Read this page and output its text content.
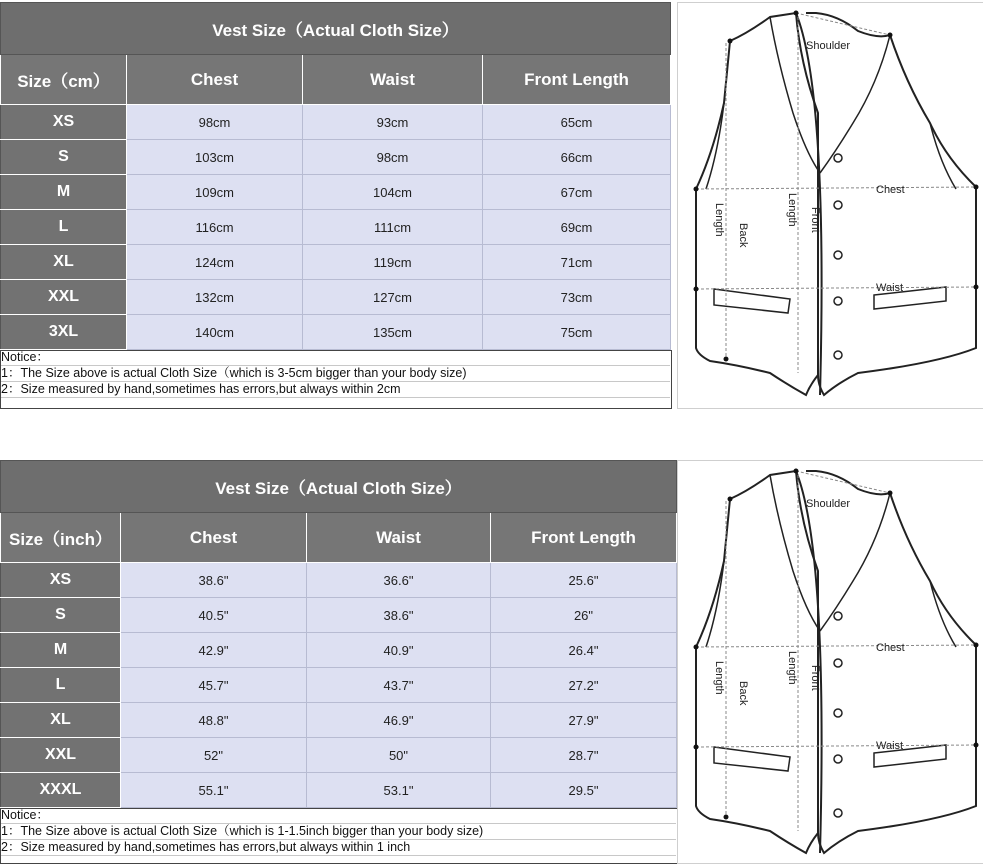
Vest Size（Actual Cloth Size）			
Size（cm）	Chest	Waist	Front Length
XS	98cm	93cm	65cm
S	103cm	98cm	66cm
M	109cm	104cm	67cm
L	116cm	111cm	69cm
XL	124cm	119cm	71cm
XXL	132cm	127cm	73cm
3XL	140cm	135cm	75cm
Notice：
1：The Size above is actual Cloth Size（which is 3-5cm bigger than your body size)
2：Size measured by hand,sometimes has errors,but always within 2cm
Shoulder
Chest
Waist
Back
Length	Front
Length
Vest Size（Actual Cloth Size）			
Size（inch）	Chest	Waist	Front Length
XS	38.6"	36.6"	25.6"
S	40.5"	38.6"	26"
M	42.9"	40.9"	26.4"
L	45.7"	43.7"	27.2"
XL	48.8"	46.9"	27.9"
XXL	52"	50"	28.7"
XXXL	55.1"	53.1"	29.5"
Notice：
1：The Size above is actual Cloth Size（which is 1-1.5inch bigger than your body size)
2：Size measured by hand,sometimes has errors,but always within 1 inch
Shoulder
Chest
Waist
Back
Length	Front
Length
